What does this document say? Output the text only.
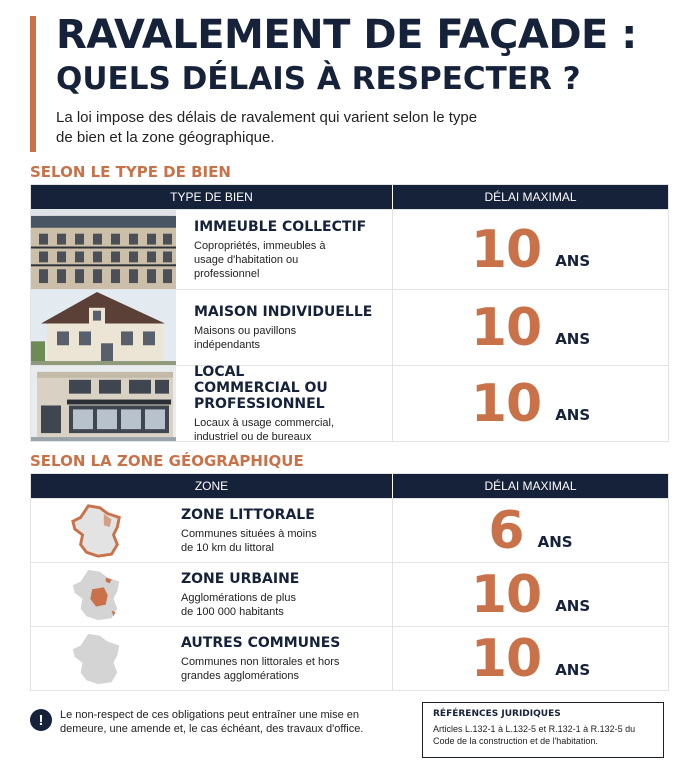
RAVALEMENT DE FAÇADE :
QUELS DÉLAIS À RESPECTER ?

La loi impose des délais de ravalement qui varient selon le type de bien et la zone géographique.

SELON LE TYPE DE BIEN
TYPE DE BIEN	DÉLAI MAXIMAL
IMMEUBLE COLLECTIF
Copropriétés, immeubles à usage d'habitation ou professionnel	10 ANS
MAISON INDIVIDUELLE
Maisons ou pavillons indépendants	10 ANS
LOCAL COMMERCIAL OU PROFESSIONNEL
Locaux à usage commercial, industriel ou de bureaux
10 ANS
SELON LA ZONE GÉOGRAPHIQUE
ZONE	DÉLAI MAXIMAL
ZONE LITTORALE
Communes situées à moins de 10 km du littoral	6 ANS
ZONE URBAINE
Agglomérations de plus de 100 000 habitants	10 ANS
AUTRES COMMUNES
Communes non littorales et hors grandes agglomérations	10 ANS
!	Le non-respect de ces obligations peut entraîner une mise en demeure, une amende et, le cas échéant, des travaux d'office.

RÉFÉRENCES JURIDIQUES
Articles L.132-1 à L.132-5 et R.132-1 à R.132-5 du Code de la construction et de l'habitation.
